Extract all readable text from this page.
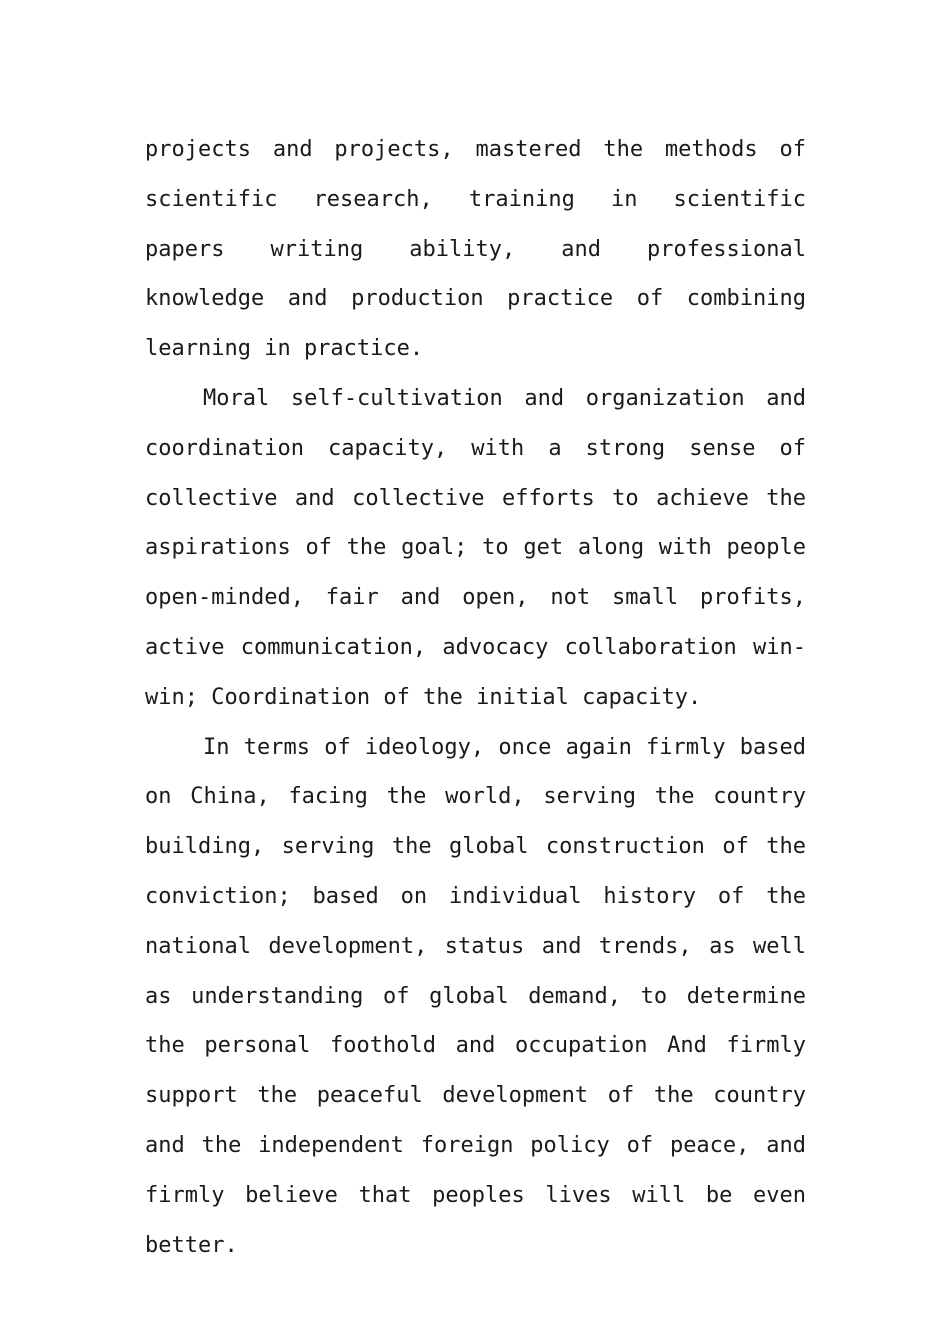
projects and projects, mastered the methods of scientific research, training in scientific papers writing ability, and professional knowledge and production practice of combining learning in practice.

Moral self-cultivation and organization and coordination capacity, with a strong sense of collective and collective efforts to achieve the aspirations of the goal; to get along with people open-minded, fair and open, not small profits, active communication, advocacy collaboration win-win; Coordination of the initial capacity.

In terms of ideology, once again firmly based on China, facing the world, serving the country building, serving the global construction of the conviction; based on individual history of the national development, status and trends, as well as understanding of global demand, to determine the personal foothold and occupation And firmly support the peaceful development of the country and the independent foreign policy of peace, and firmly believe that peoples lives will be even better.
